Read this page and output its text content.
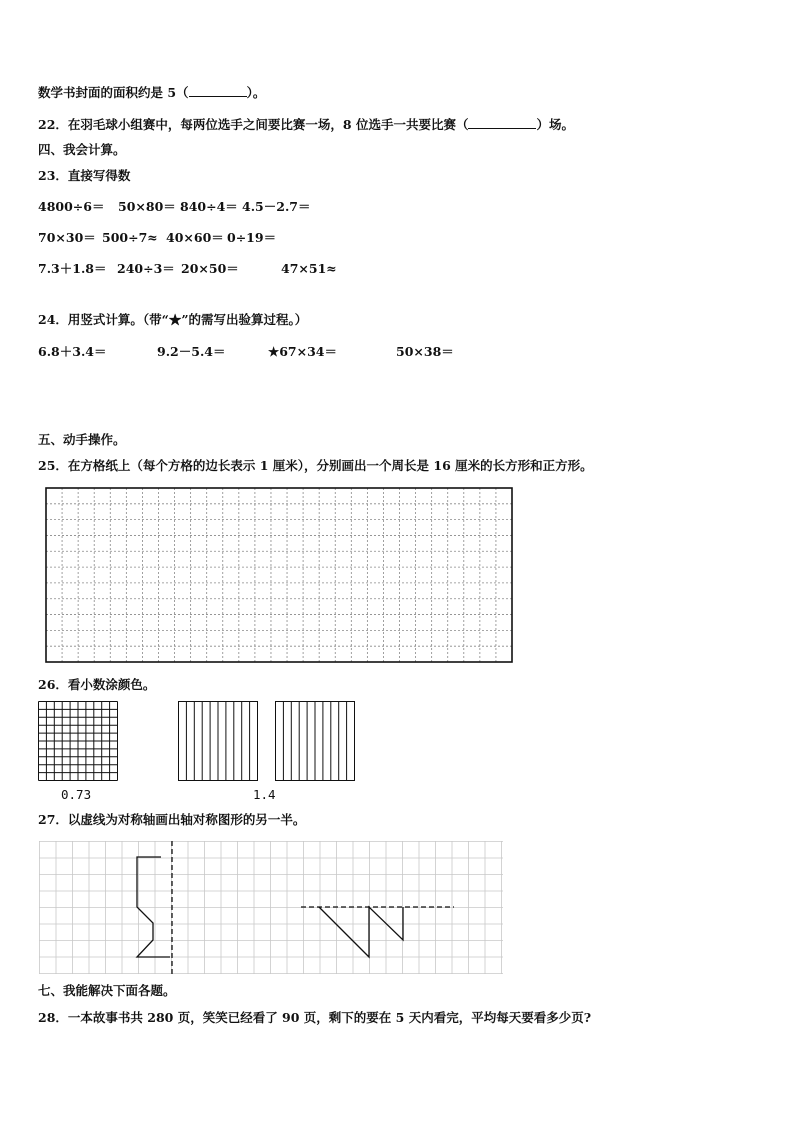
数学书封面的面积约是 5（	）。
22．在羽毛球小组赛中，每两位选手之间要比赛一场，8 位选手一共要比赛（	）场。
四、我会计算。
23．直接写得数
4800÷6＝ 50×80＝ 840÷4＝ 4.5－2.7＝
70×30＝ 500÷7≈ 40×60＝ 0÷19＝
7.3＋1.8＝ 240÷3＝ 20×50＝	47×51≈
24．用竖式计算。（带“★”的需写出验算过程。）
6.8＋3.4＝	9.2－5.4＝	★67×34＝	50×38＝
五、动手操作。
25．在方格纸上（每个方格的边长表示 1 厘米），分别画出一个周长是 16 厘米的长方形和正方形。
26．看小数涂颜色。
0.73	1.4
27．以虚线为对称轴画出轴对称图形的另一半。
七、我能解决下面各题。
28．一本故事书共 280 页，笑笑已经看了 90 页，剩下的要在 5 天内看完，平均每天要看多少页?
